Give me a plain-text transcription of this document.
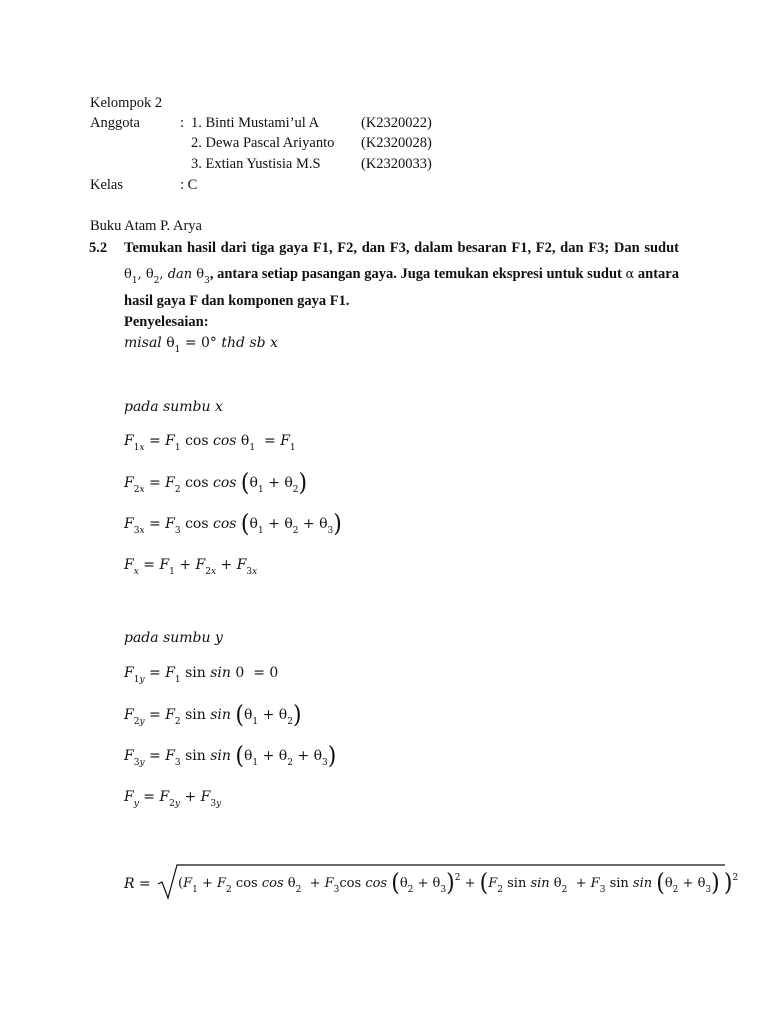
Kelompok 2
Anggota	: 1. Binti Mustami’ul A	(K2320022)
2. Dewa Pascal Ariyanto (K2320028)
3. Extian Yustisia M.S	(K2320033)
Kelas	: C
Buku Atam P. Arya
5.2 Temukan hasil dari tiga gaya F1, F2, dan F3, dalam besaran F1, F2, dan F3; Dan sudut $\theta_1$, $\theta_2$, dan $\theta_3$, antara setiap pasangan gaya. Juga temukan ekspresi untuk sudut α antara hasil gaya F dan komponen gaya F1.
Penyelesaian:
misal $\theta_1 = 0^\circ$ thd sb x
pada sumbu x
$F_{1x} = F_1$ $\cos \cos \theta_1 = F_1$
$F_{2x} = F_2$ $\cos \cos (\theta_1 + \theta_2)$
$F_{3x} = F_3$ $\cos \cos (\theta_1 + \theta_2 + \theta_3)$
$F_x = F_1 + F_{2x} + F_{3x}$
pada sumbu y
$F_{1y} = F_1$ sin sin 0  = 0
$F_{2y} = F_2$ $\sin \sin (\theta_1 + \theta_2)$
$F_{3y} = F_3$ $\sin \sin (\theta_1 + \theta_2 + \theta_3)$
$F_y = F_{2y} + F_{3y}$
$R = (F_1 + F_2$ $\cos \cos \theta_2 + F_3\cos$ $\cos (\theta_2 + \theta_3)^2 + (F_2$ $\sin \sin \theta_2 + F_3$ $\sin \sin (\theta_2 + \theta_3)$ )$^2$
